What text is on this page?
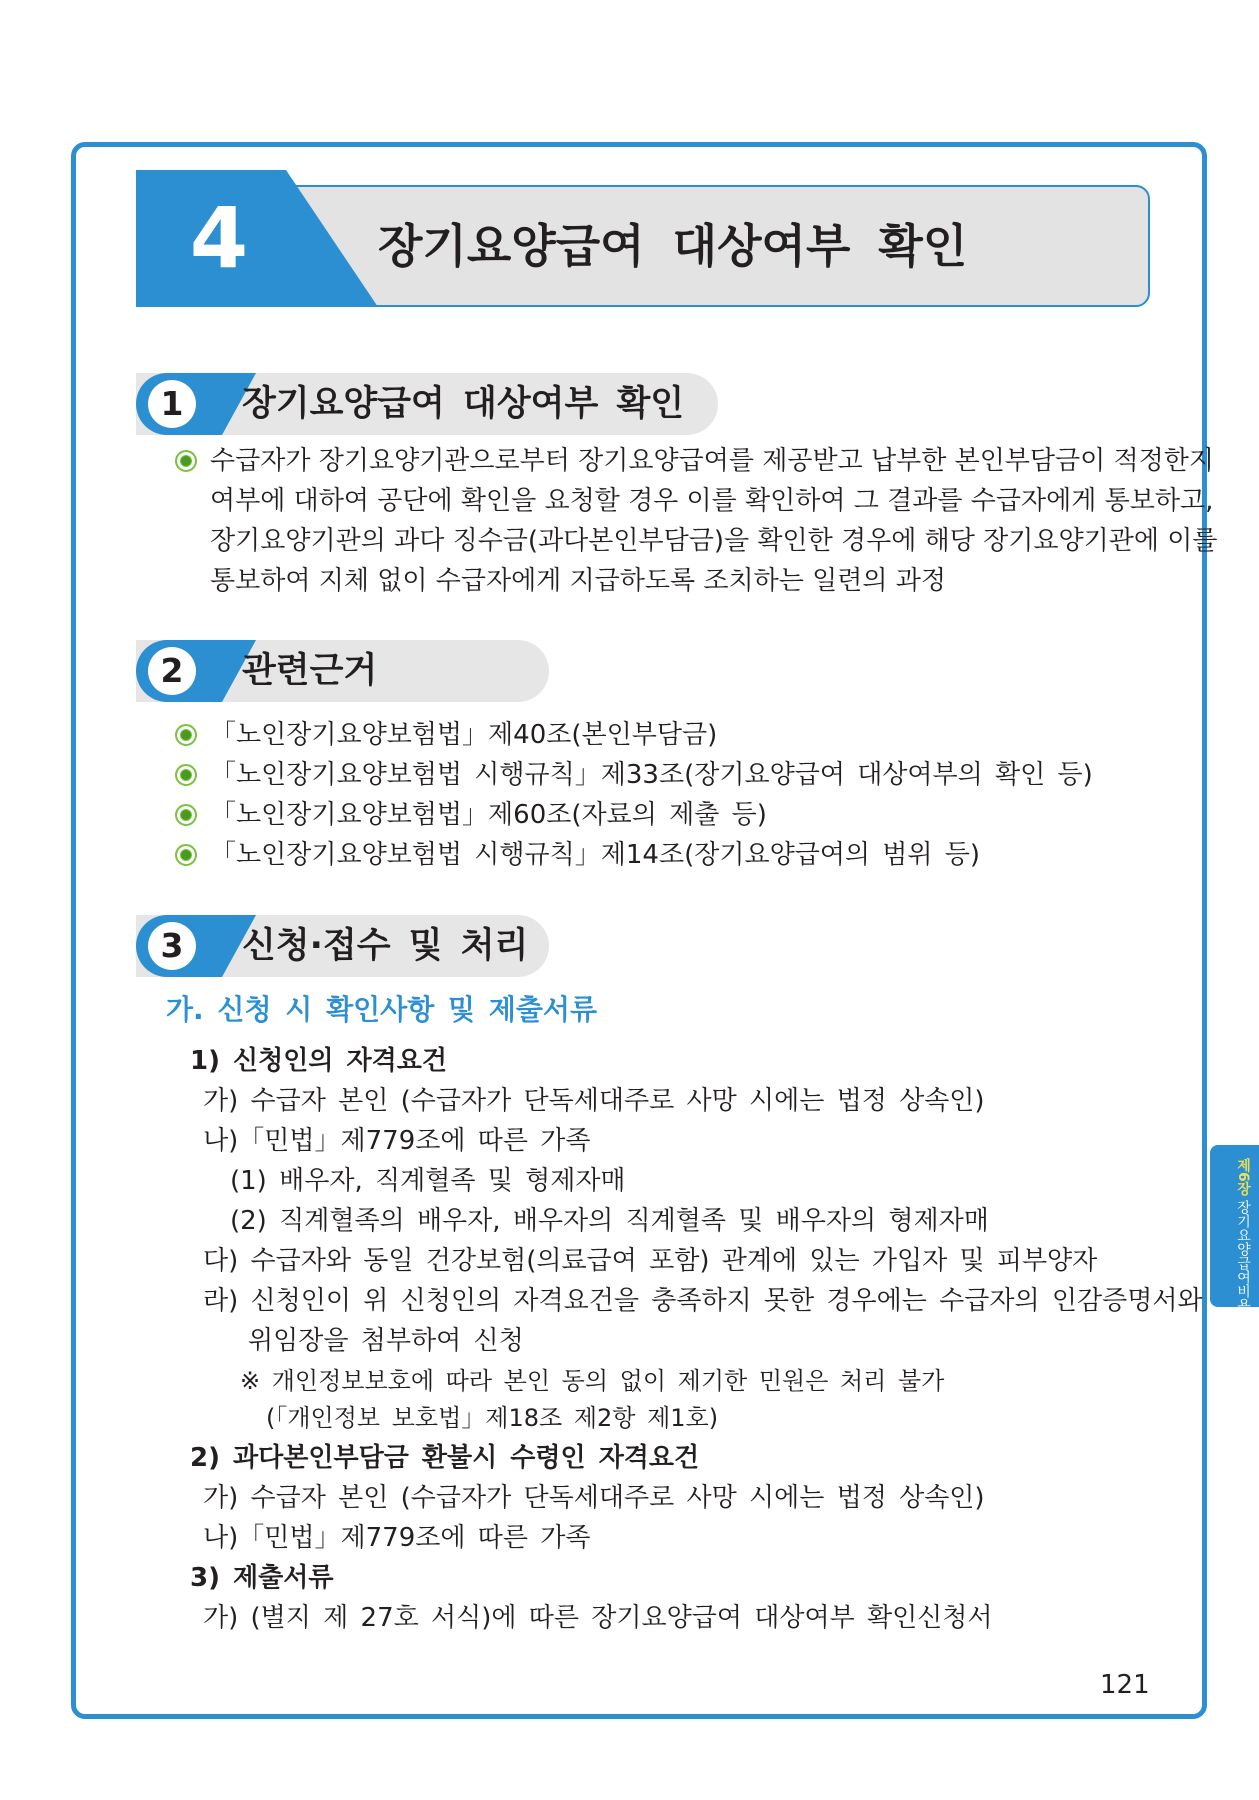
4	장기요양급여 대상여부 확인
1	장기요양급여 대상여부 확인
수급자가 장기요양기관으로부터 장기요양급여를 제공받고 납부한 본인부담금이 적정한지
여부에 대하여 공단에 확인을 요청할 경우 이를 확인하여 그 결과를 수급자에게 통보하고,
장기요양기관의 과다 징수금(과다본인부담금)을 확인한 경우에 해당 장기요양기관에 이를
통보하여 지체 없이 수급자에게 지급하도록 조치하는 일련의 과정
2	관련근거
「노인장기요양보험법」제40조(본인부담금)
「노인장기요양보험법 시행규칙」제33조(장기요양급여 대상여부의 확인 등)
「노인장기요양보험법」제60조(자료의 제출 등)
「노인장기요양보험법 시행규칙」제14조(장기요양급여의 범위 등)
3	신청·접수 및 처리
가. 신청 시 확인사항 및 제출서류
1) 신청인의 자격요건
가) 수급자 본인 (수급자가 단독세대주로 사망 시에는 법정 상속인)
나)「민법」제779조에 따른 가족
(1) 배우자, 직계혈족 및 형제자매
(2) 직계혈족의 배우자, 배우자의 직계혈족 및 배우자의 형제자매
다) 수급자와 동일 건강보험(의료급여 포함) 관계에 있는 가입자 및 피부양자
라) 신청인이 위 신청인의 자격요건을 충족하지 못한 경우에는 수급자의 인감증명서와
위임장을 첨부하여 신청
※ 개인정보보호에 따라 본인 동의 없이 제기한 민원은 처리 불가
(「개인정보 보호법」제18조 제2항 제1호)
2) 과다본인부담금 환불시 수령인 자격요건
가) 수급자 본인 (수급자가 단독세대주로 사망 시에는 법정 상속인)
나)「민법」제779조에 따른 가족
3) 제출서류
가) (별지 제 27호 서식)에 따른 장기요양급여 대상여부 확인신청서
제6장 장기요양급여비용 심사
121
